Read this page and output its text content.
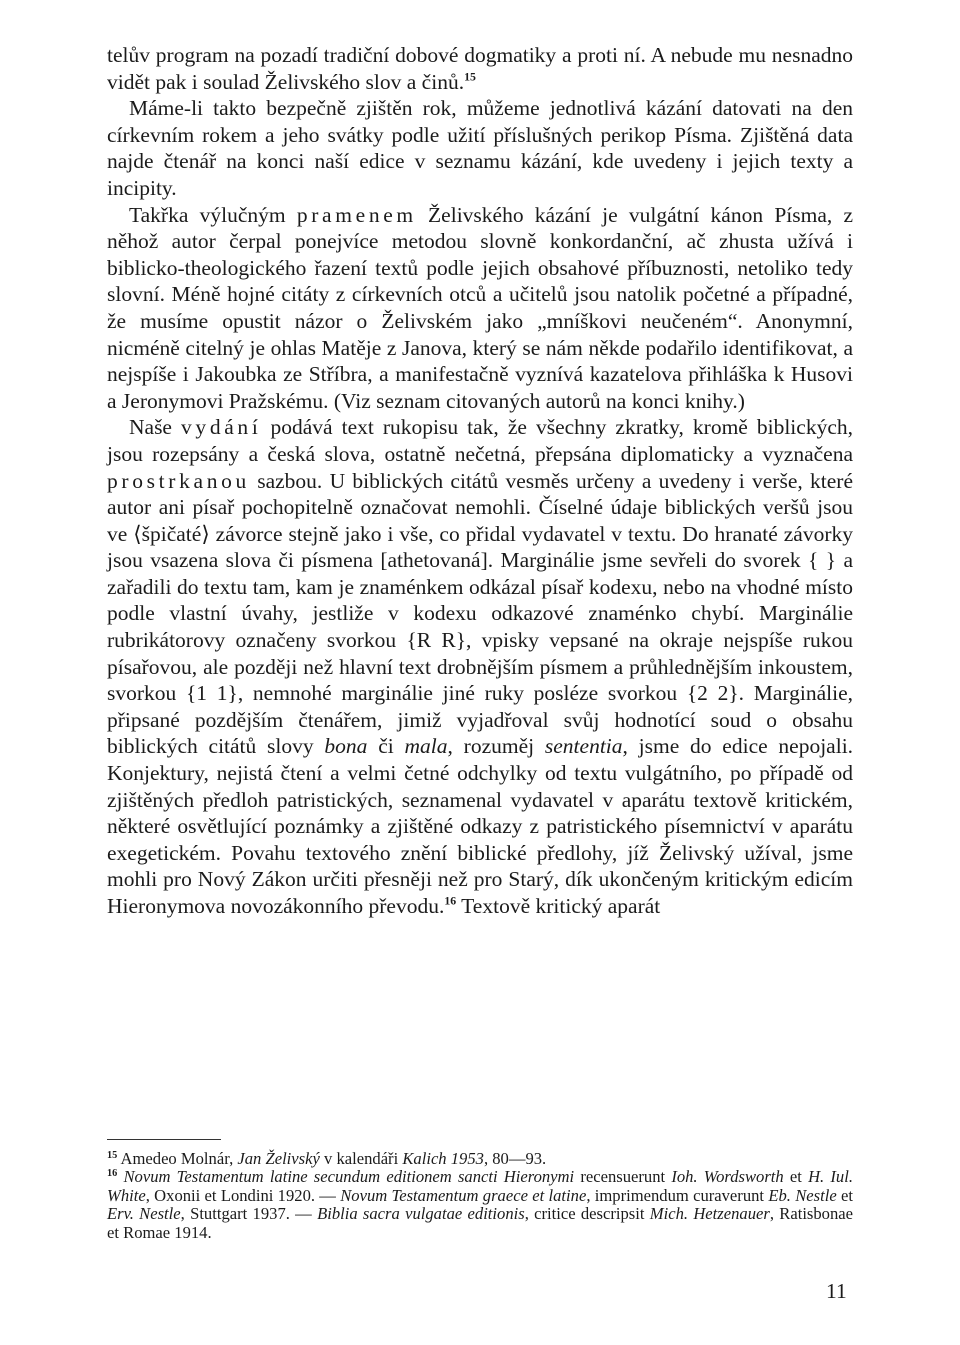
telův program na pozadí tradiční dobové dogmatiky a proti ní. A nebude mu nesnadno vidět pak i soulad Želivského slov a činů.$^{15}$

Máme-li takto bezpečně zjištěn rok, můžeme jednotlivá kázání datovati na den církevním rokem a jeho svátky podle užití příslušných perikop Písma. Zjištěná data najde čtenář na konci naší edice v seznamu kázání, kde uvedeny i jejich texty a incipity.

Takřka výlučným pramenem Želivského kázání je vulgátní kánon Písma, z něhož autor čerpal ponejvíce metodou slovně konkordanční, ač zhusta užívá i biblicko-theologického řazení textů podle jejich obsahové příbuznosti, netoliko tedy slovní. Méně hojné citáty z církevních otců a učitelů jsou natolik početné a případné, že musíme opustit názor o Želivském jako „mníškovi neučeném“. Anonymní, nicméně citelný je ohlas Matěje z Janova, který se nám někde podařilo identifikovat, a nejspíše i Jakoubka ze Stříbra, a manifestačně vyznívá kazatelova přihláška k Husovi a Jeronymovi Pražskému. (Viz seznam citovaných autorů na konci knihy.)

Naše vydání podává text rukopisu tak, že všechny zkratky, kromě biblických, jsou rozepsány a česká slova, ostatně nečetná, přepsána diplomaticky a vyznačena prostrkanou sazbou. U biblických citátů vesměs určeny a uvedeny i verše, které autor ani písař pochopitelně označovat nemohli. Číselné údaje biblických veršů jsou ve ⟨špičaté⟩ závorce stejně jako i vše, co přidal vydavatel v textu. Do hranaté závorky jsou vsazena slova či písmena [athetovaná]. Marginálie jsme sevřeli do svorek { } a zařadili do textu tam, kam je znaménkem odkázal písař kodexu, nebo na vhodné místo podle vlastní úvahy, jestliže v kodexu odkazové znaménko chybí. Marginálie rubrikátorovy označeny svorkou {R R}, vpisky vepsané na okraje nejspíše rukou písařovou, ale později než hlavní text drobnějším písmem a průhlednějším inkoustem, svorkou {1 1}, nemnohé marginálie jiné ruky posléze svorkou {2 2}. Marginálie, připsané pozdějším čtenářem, jimiž vyjadřoval svůj hodnotící soud o obsahu biblických citátů slovy bona či mala, rozuměj sententia, jsme do edice nepojali. Konjektury, nejistá čtení a velmi četné odchylky od textu vulgátního, po případě od zjištěných předloh patristických, seznamenal vydavatel v aparátu textově kritickém, některé osvětlující poznámky a zjištěné odkazy z patristického písemnictví v aparátu exegetickém. Povahu textového znění biblické předlohy, jíž Želivský užíval, jsme mohli pro Nový Zákon určiti přesněji než pro Starý, dík ukončeným kritickým edicím Hieronymova novozákonního převodu.$^{16}$ Textově kritický aparát

$^{15}$ Amedeo Molnár, Jan Želivský v kalendáři Kalich 1953, 80—93.

$^{16}$ Novum Testamentum latine secundum editionem sancti Hieronymi recensuerunt Ioh. Wordsworth et H. Iul. White, Oxonii et Londini 1920. — Novum Testamentum graece et latine, imprimendum curaverunt Eb. Nestle et Erv. Nestle, Stuttgart 1937. — Biblia sacra vulgatae editionis, critice descripsit Mich. Hetzenauer, Ratisbonae et Romae 1914.

11
